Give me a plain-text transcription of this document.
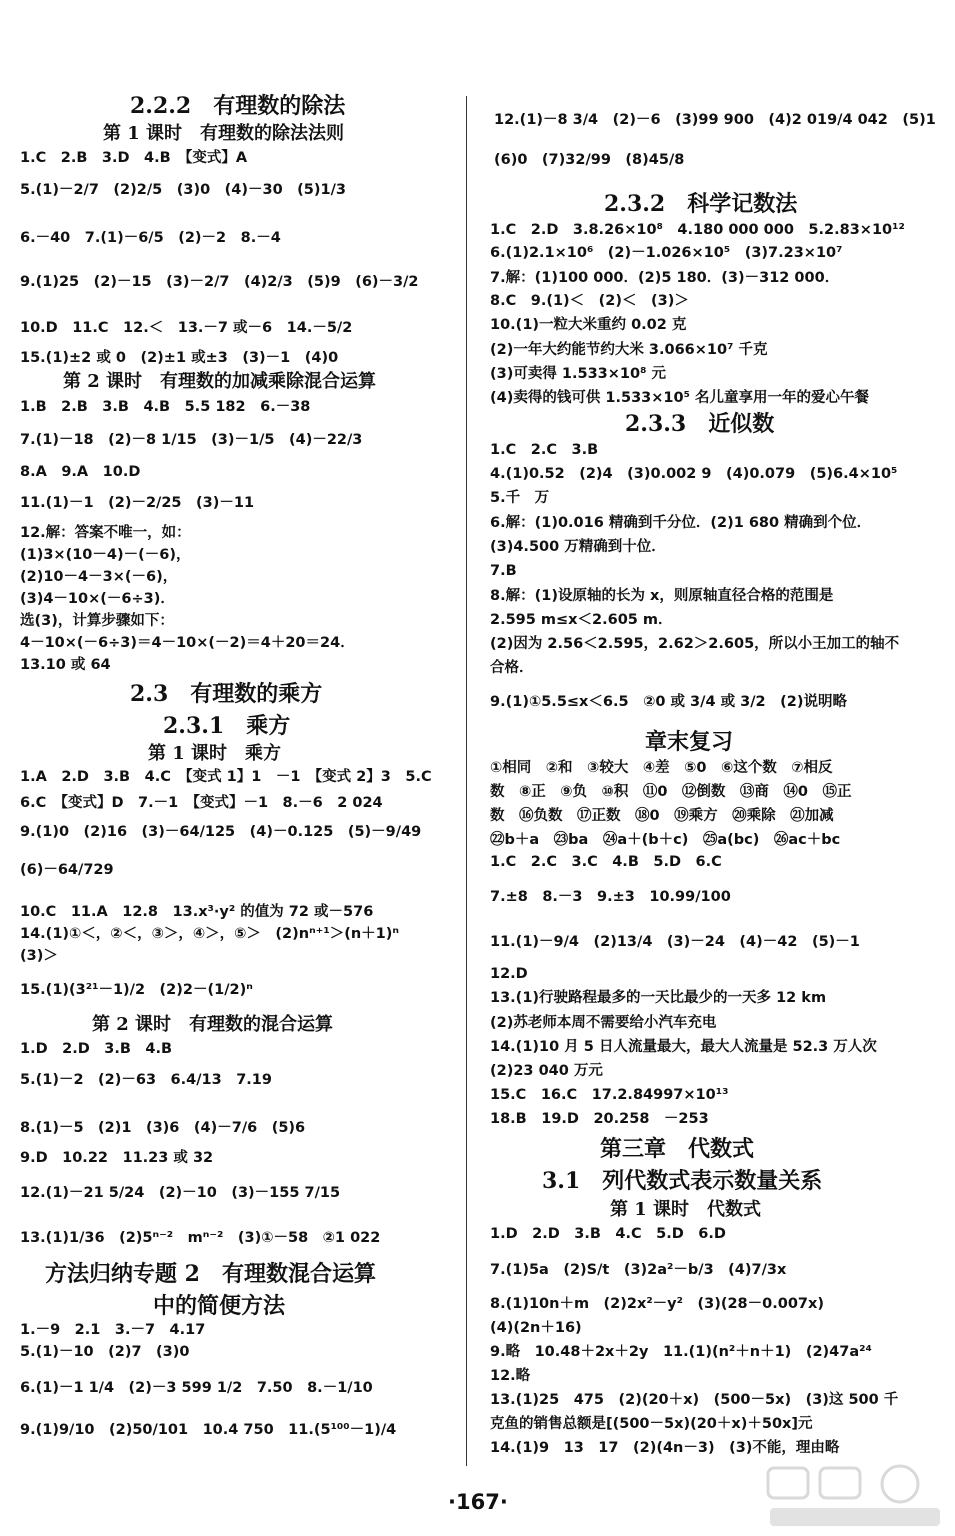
2.2.2　有理数的除法
第 1 课时　有理数的除法法则
1.C　2.B　3.D　4.B　【变式】A
5.(1)－2/7　(2)2/5　(3)0　(4)－30　(5)1/3
6.－40　7.(1)－6/5　(2)－2　8.－4
9.(1)25　(2)－15　(3)－2/7　(4)2/3　(5)9　(6)－3/2
10.D　11.C　12.＜　13.－7 或－6　14.－5/2
15.(1)±2 或 0　(2)±1 或±3　(3)－1　(4)0
第 2 课时　有理数的加减乘除混合运算
1.B　2.B　3.B　4.B　5.5 182　6.－38
7.(1)－18　(2)－8 1/15　(3)－1/5　(4)－22/3
8.A　9.A　10.D
11.(1)－1　(2)－2/25　(3)－11
12.解：答案不唯一，如：
(1)3×(10－4)－(－6)，
(2)10－4－3×(－6)，
(3)4－10×(－6÷3)．
选(3)，计算步骤如下：
4－10×(－6÷3)＝4－10×(－2)＝4＋20＝24．
13.10 或 64
2.3　有理数的乘方
2.3.1　乘方
第 1 课时　乘方
1.A　2.D　3.B　4.C　【变式 1】1　－1　【变式 2】3　5.C
6.C　【变式】D　7.－1　【变式】－1　8.－6　2 024
9.(1)0　(2)16　(3)－64/125　(4)－0.125　(5)－9/49
(6)－64/729
10.C　11.A　12.8　13.x³·y² 的值为 72 或－576
14.(1)①＜，②＜，③＞，④＞，⑤＞　(2)nⁿ⁺¹＞(n＋1)ⁿ
(3)＞
15.(1)(3²¹－1)/2　(2)2－(1/2)ⁿ
第 2 课时　有理数的混合运算
1.D　2.D　3.B　4.B
5.(1)－2　(2)－63　6.4/13　7.19
8.(1)－5　(2)1　(3)6　(4)－7/6　(5)6
9.D　10.22　11.23 或 32
12.(1)－21 5/24　(2)－10　(3)－155 7/15
13.(1)1/36　(2)5ⁿ⁻²　mⁿ⁻²　(3)①－58　②1 022
方法归纳专题 2　有理数混合运算
中的简便方法
1.－9　2.1　3.－7　4.17
5.(1)－10　(2)7　(3)0
6.(1)－1 1/4　(2)－3 599 1/2　7.50　8.－1/10
9.(1)9/10　(2)50/101　10.4 750　11.(5¹⁰⁰－1)/4
12.(1)－8 3/4　(2)－6　(3)99 900　(4)2 019/4 042　(5)1
(6)0　(7)32/99　(8)45/8
2.3.2　科学记数法
1.C　2.D　3.8.26×10⁸　4.180 000 000　5.2.83×10¹²
6.(1)2.1×10⁶　(2)－1.026×10⁵　(3)7.23×10⁷
7.解：(1)100 000．(2)5 180．(3)－312 000．
8.C　9.(1)＜　(2)＜　(3)＞
10.(1)一粒大米重约 0.02 克
(2)一年大约能节约大米 3.066×10⁷ 千克
(3)可卖得 1.533×10⁸ 元
(4)卖得的钱可供 1.533×10⁵ 名儿童享用一年的爱心午餐
2.3.3　近似数
1.C　2.C　3.B
4.(1)0.52　(2)4　(3)0.002 9　(4)0.079　(5)6.4×10⁵
5.千　万
6.解：(1)0.016 精确到千分位．(2)1 680 精确到个位．
(3)4.500 万精确到十位．
7.B
8.解：(1)设原轴的长为 x，则原轴直径合格的范围是
2.595 m≤x＜2.605 m．
(2)因为 2.56＜2.595，2.62＞2.605，所以小王加工的轴不
合格．
9.(1)①5.5≤x＜6.5　②0 或 3/4 或 3/2　(2)说明略
章末复习
①相同　②和　③较大　④差　⑤0　⑥这个数　⑦相反
数　⑧正　⑨负　⑩积　⑪0　⑫倒数　⑬商　⑭0　⑮正
数　⑯负数　⑰正数　⑱0　⑲乘方　⑳乘除　㉑加减
㉒b＋a　㉓ba　㉔a＋(b＋c)　㉕a(bc)　㉖ac＋bc
1.C　2.C　3.C　4.B　5.D　6.C
7.±8　8.－3　9.±3　10.99/100
11.(1)－9/4　(2)13/4　(3)－24　(4)－42　(5)－1
12.D
13.(1)行驶路程最多的一天比最少的一天多 12 km
(2)苏老师本周不需要给小汽车充电
14.(1)10 月 5 日人流量最大，最大人流量是 52.3 万人次
(2)23 040 万元
15.C　16.C　17.2.84997×10¹³
18.B　19.D　20.258　－253
第三章　代数式
3.1　列代数式表示数量关系
第 1 课时　代数式
1.D　2.D　3.B　4.C　5.D　6.D
7.(1)5a　(2)S/t　(3)2a²－b/3　(4)7/3x
8.(1)10n＋m　(2)2x²－y²　(3)(28－0.007x)
(4)(2n＋16)
9.略　10.48＋2x＋2y　11.(1)(n²＋n＋1)　(2)47a²⁴
12.略
13.(1)25　475　(2)(20＋x)　(500－5x)　(3)这 500 千
克鱼的销售总额是[(500－5x)(20＋x)＋50x]元
14.(1)9　13　17　(2)(4n－3)　(3)不能，理由略
·167·
